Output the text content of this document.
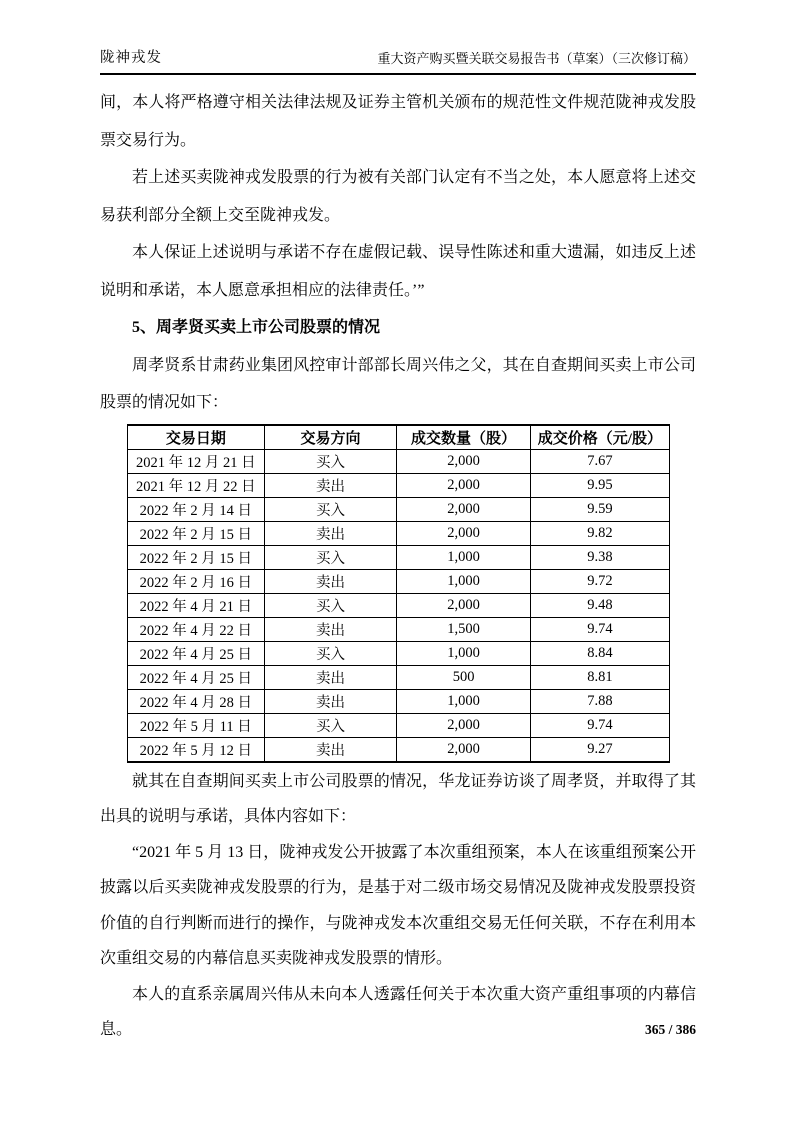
陇神戎发	重大资产购买暨关联交易报告书（草案）（三次修订稿）

间，本人将严格遵守相关法律法规及证券主管机关颁布的规范性文件规范陇神戎发股票交易行为。

若上述买卖陇神戎发股票的行为被有关部门认定有不当之处，本人愿意将上述交易获利部分全额上交至陇神戎发。

本人保证上述说明与承诺不存在虚假记载、误导性陈述和重大遗漏，如违反上述说明和承诺，本人愿意承担相应的法律责任。’”

5、周孝贤买卖上市公司股票的情况

周孝贤系甘肃药业集团风控审计部部长周兴伟之父，其在自查期间买卖上市公司股票的情况如下：

交易日期	交易方向	成交数量（股）	成交价格（元/股）
2021 年 12 月 21 日	买入	2,000	7.67
2021 年 12 月 22 日	卖出	2,000	9.95
2022 年 2 月 14 日	买入	2,000	9.59
2022 年 2 月 15 日	卖出	2,000	9.82
2022 年 2 月 15 日	买入	1,000	9.38
2022 年 2 月 16 日	卖出	1,000	9.72
2022 年 4 月 21 日	买入	2,000	9.48
2022 年 4 月 22 日	卖出	1,500	9.74
2022 年 4 月 25 日	买入	1,000	8.84
2022 年 4 月 25 日	卖出	500	8.81
2022 年 4 月 28 日	卖出	1,000	7.88
2022 年 5 月 11 日	买入	2,000	9.74
2022 年 5 月 12 日	卖出	2,000	9.27

就其在自查期间买卖上市公司股票的情况，华龙证券访谈了周孝贤，并取得了其出具的说明与承诺，具体内容如下：

“2021 年 5 月 13 日，陇神戎发公开披露了本次重组预案，本人在该重组预案公开披露以后买卖陇神戎发股票的行为，是基于对二级市场交易情况及陇神戎发股票投资价值的自行判断而进行的操作，与陇神戎发本次重组交易无任何关联，不存在利用本次重组交易的内幕信息买卖陇神戎发股票的情形。

本人的直系亲属周兴伟从未向本人透露任何关于本次重大资产重组事项的内幕信息。	365 / 386
